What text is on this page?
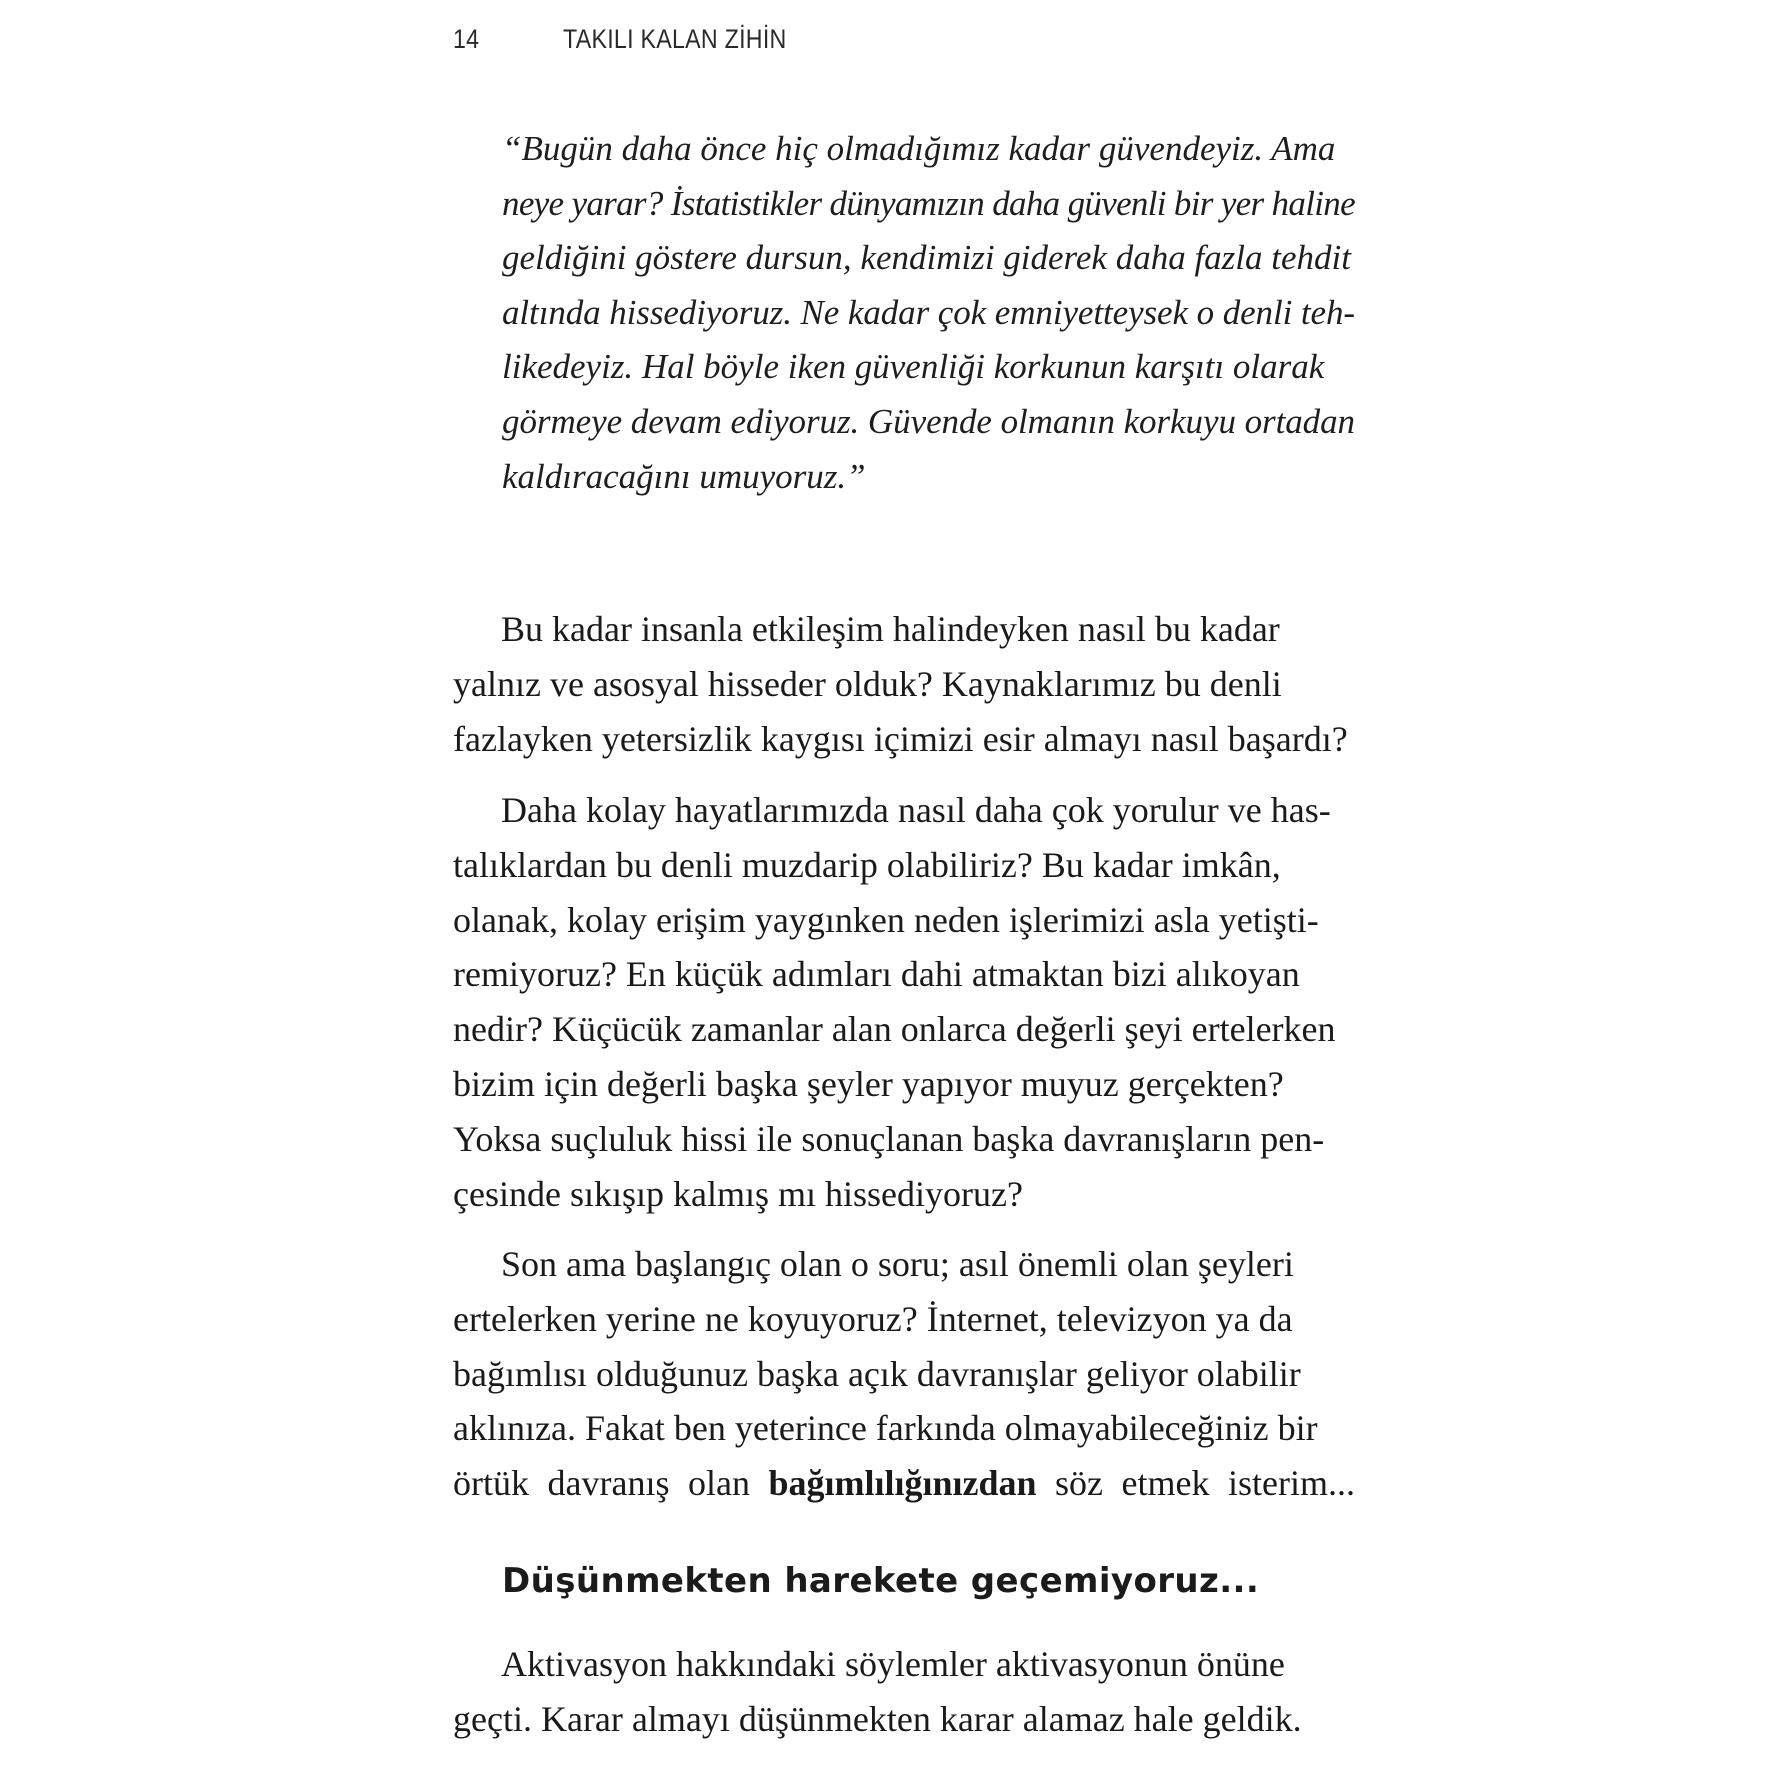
14	TAKILI KALAN ZİHİN
“Bugün daha önce hiç olmadığımız kadar güvendeyiz. Ama
neye yarar? İstatistikler dünyamızın daha güvenli bir yer haline
geldiğini göstere dursun, kendimizi giderek daha fazla tehdit
altında hissediyoruz. Ne kadar çok emniyetteysek o denli teh-
likedeyiz. Hal böyle iken güvenliği korkunun karşıtı olarak
görmeye devam ediyoruz. Güvende olmanın korkuyu ortadan
kaldıracağını umuyoruz.”
Bu kadar insanla etkileşim halindeyken nasıl bu kadar
yalnız ve asosyal hisseder olduk? Kaynaklarımız bu denli
fazlayken yetersizlik kaygısı içimizi esir almayı nasıl başardı?
Daha kolay hayatlarımızda nasıl daha çok yorulur ve has-
talıklardan bu denli muzdarip olabiliriz? Bu kadar imkân,
olanak, kolay erişim yaygınken neden işlerimizi asla yetişti-
remiyoruz? En küçük adımları dahi atmaktan bizi alıkoyan
nedir? Küçücük zamanlar alan onlarca değerli şeyi ertelerken
bizim için değerli başka şeyler yapıyor muyuz gerçekten?
Yoksa suçluluk hissi ile sonuçlanan başka davranışların pen-
çesinde sıkışıp kalmış mı hissediyoruz?
Son ama başlangıç olan o soru; asıl önemli olan şeyleri
ertelerken yerine ne koyuyoruz? İnternet, televizyon ya da
bağımlısı olduğunuz başka açık davranışlar geliyor olabilir
aklınıza. Fakat ben yeterince farkında olmayabileceğiniz bir
örtük davranış olan bağımlılığınızdan söz etmek isterim...
Düşünmekten harekete geçemiyoruz...
Aktivasyon hakkındaki söylemler aktivasyonun önüne
geçti. Karar almayı düşünmekten karar alamaz hale geldik.
